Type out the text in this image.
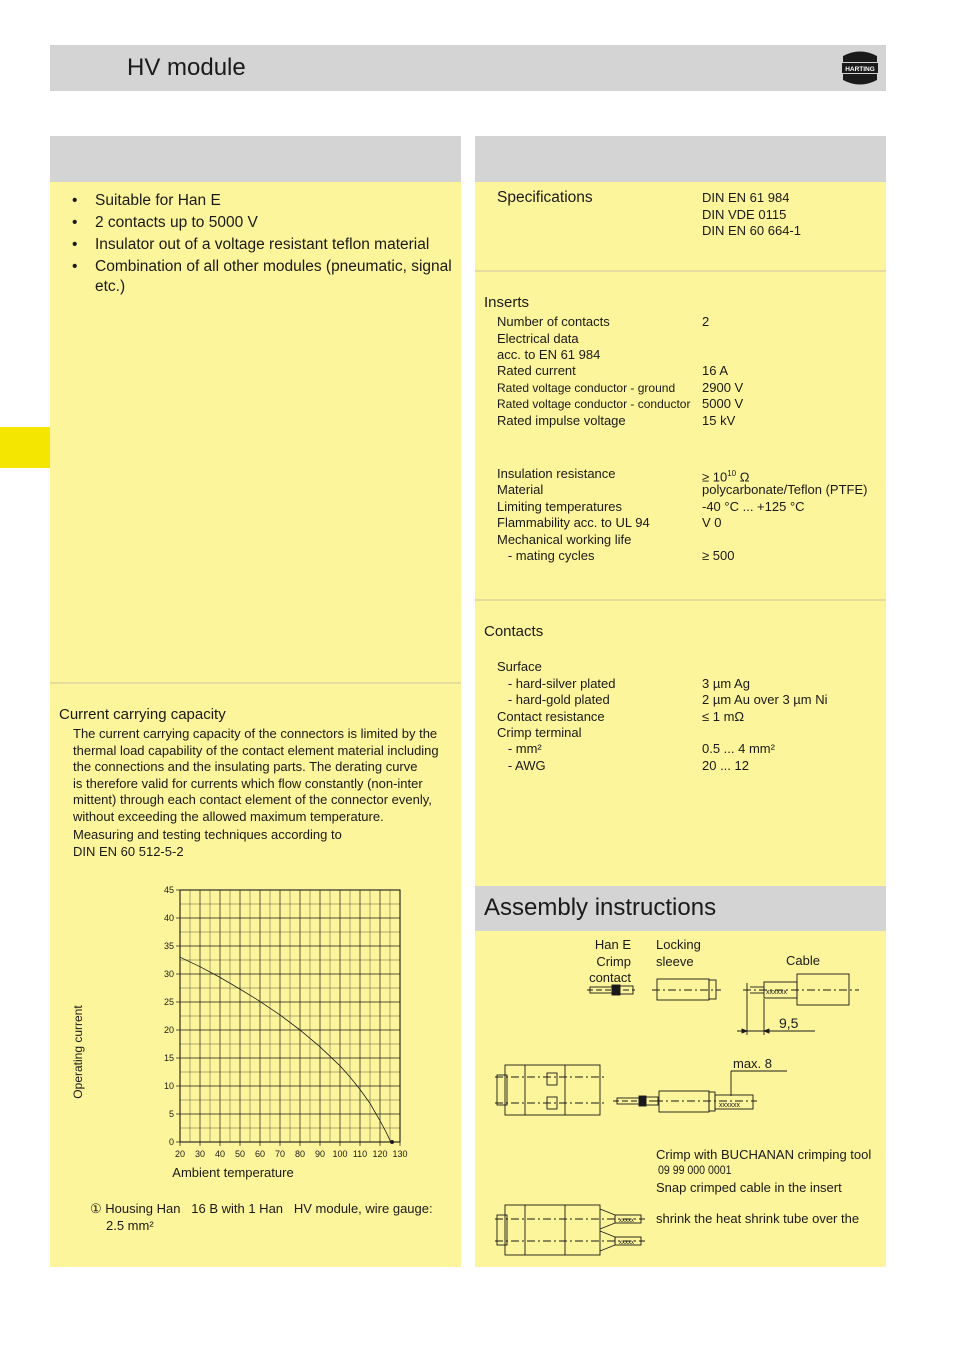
HV module	HARTING
• Suitable for Han E
• 2 contacts up to 5000 V
• Insulator out of a voltage resistant teflon material
• Combination of all other modules (pneumatic, signal etc.)
Current carrying capacity
The current carrying capacity of the connectors is limited by the
thermal load capability of the contact element material including
the connections and the insulating parts. The derating curve
is therefore valid for currents which flow constantly (non-inter
mittent) through each contact element of the connector evenly,
without exceeding the allowed maximum temperature.
Measuring and testing techniques according to
DIN EN 60 512-5-2
20 30 40 50 60 70 80 90 100 110 120 130
0
5
10
15
20
25
30
35
40
45
Ambient temperature
Operating current
① Housing Han   16 B with 1 Han   HV module, wire gauge:
2.5 mm²
Specifications	DIN EN 61 984
DIN VDE 0115
DIN EN 60 664-1
Inserts
Number of contacts	2
Electrical data
acc. to EN 61 984
Rated current	16 A
Rated voltage conductor - ground 2900 V
Rated voltage conductor - conductor 5000 V
Rated impulse voltage	15 kV
Insulation resistance	≥ $10^{10}$ Ω
Material	polycarbonate/Teflon (PTFE)
Limiting temperatures	-40 °C ... +125 °C
Flammability acc. to UL 94	V 0
Mechanical working life
- mating cycles	≥ 500
Contacts
Surface
- hard-silver plated	3 µm Ag
- hard-gold plated	2 µm Au over 3 µm Ni
Contact resistance	≤ 1 mΩ
Crimp terminal
- mm²	0.5 ... 4 mm²
- AWG	20 ... 12
Assembly instructions
Han E
Crimp contact
Locking
sleeve	Cable
xxxxxx
xxxxxx
xxxxx
xxxxx
9,5
max. 8
Crimp with BUCHANAN crimping tool
09 99 000 0001
Snap crimped cable in the insert
shrink the heat shrink tube over the
